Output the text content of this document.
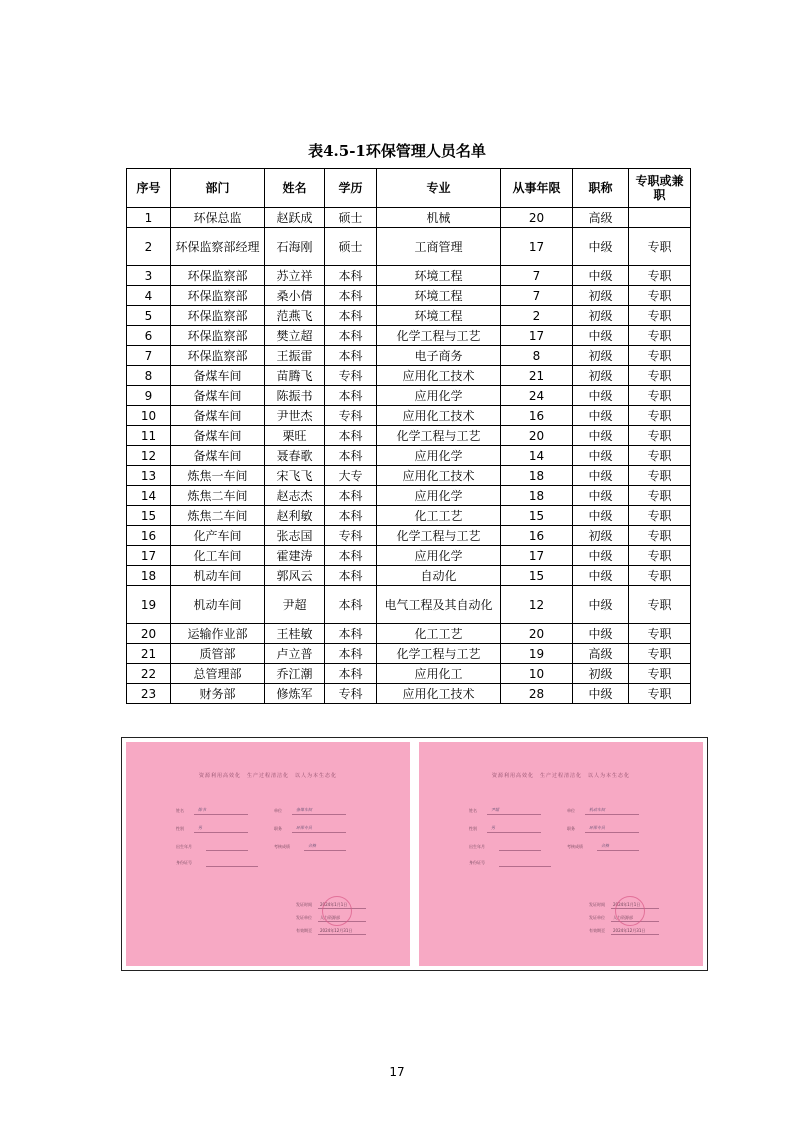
表4.5-1环保管理人员名单
序号	部门	姓名	学历	专业	从事年限	职称	专职或兼职
1	环保总监	赵跃成	硕士	机械	20	高级	
2	环保监察部经理	石海刚	硕士	工商管理	17	中级	专职
3	环保监察部	苏立祥	本科	环境工程	7	中级	专职
4	环保监察部	桑小倩	本科	环境工程	7	初级	专职
5	环保监察部	范燕飞	本科	环境工程	2	初级	专职
6	环保监察部	樊立超	本科	化学工程与工艺	17	中级	专职
7	环保监察部	王振雷	本科	电子商务	8	初级	专职
8	备煤车间	苗腾飞	专科	应用化工技术	21	初级	专职
9	备煤车间	陈振书	本科	应用化学	24	中级	专职
10	备煤车间	尹世杰	专科	应用化工技术	16	中级	专职
11	备煤车间	栗旺	本科	化学工程与工艺	20	中级	专职
12	备煤车间	聂春歌	本科	应用化学	14	中级	专职
13	炼焦一车间	宋飞飞	大专	应用化工技术	18	中级	专职
14	炼焦二车间	赵志杰	本科	应用化学	18	中级	专职
15	炼焦二车间	赵利敏	本科	化工工艺	15	中级	专职
16	化产车间	张志国	专科	化学工程与工艺	16	初级	专职
17	化工车间	霍建涛	本科	应用化学	17	中级	专职
18	机动车间	郭风云	本科	自动化	15	中级	专职
19	机动车间	尹超	本科	电气工程及其自动化	12	中级	专职
20	运输作业部	王桂敏	本科	化工工艺	20	中级	专职
21	质管部	卢立普	本科	化学工程与工艺	19	高级	专职
22	总管理部	乔江潮	本科	应用化工	10	初级	专职
23	财务部	修炼军	专科	应用化工技术	28	中级	专职
资源利用高效化　生产过程清洁化　以人为本生态化
姓名	陈书	单位	备煤车间
性别	男	职务	环保专员
出生年月	考核成绩	合格
身份证号
发证时间 2024年1月1日
发证单位 人力资源部
有效期至 2024年12月31日
资源利用高效化　生产过程清洁化　以人为本生态化
姓名	尹超	单位	机动车间
性别	男	职务	环保专员
出生年月	考核成绩	合格
身份证号
发证时间 2024年1月1日
发证单位 人力资源部
有效期至 2024年12月31日
17
